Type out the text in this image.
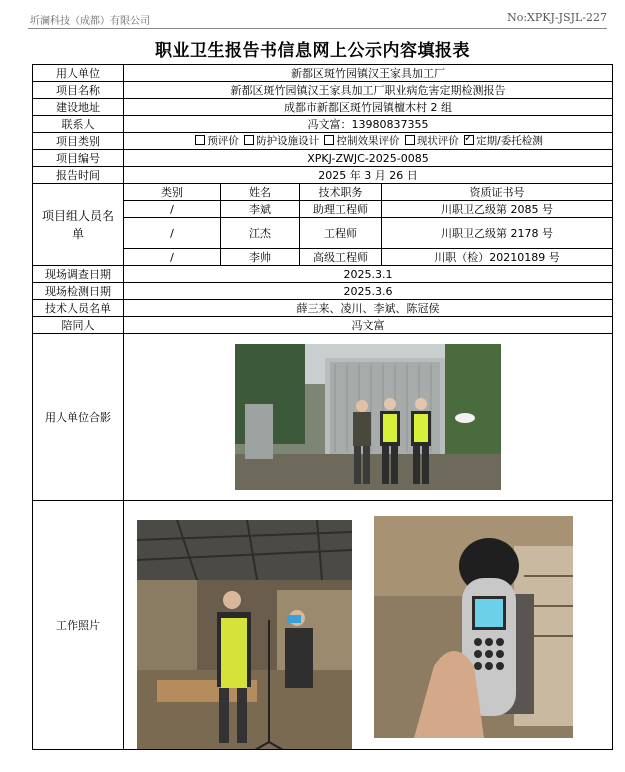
圻澜科技（成都）有限公司	No:XPKJ-JSJL-227
职业卫生报告书信息网上公示内容填报表
用人单位	新都区斑竹园镇汉王家具加工厂			
项目名称	新都区斑竹园镇汉王家具加工厂职业病危害定期检测报告			
建设地址	成都市新都区斑竹园镇檀木村 2 组			
联系人	冯文富：13980837355			
项目类别	预评价 防护设施设计 控制效果评价 现状评价 ✓ 定期/委托检测
项目编号	XPKJ-ZWJC-2025-0085			
报告时间	2025 年 3 月 26 日			
项目组人员名单	类别	姓名	技术职务	资质证书号
	/	李斌	助理工程师	川职卫乙级第 2085 号
	/	江杰	工程师	川职卫乙级第 2178 号
	/	李帅	高级工程师	川职（检）20210189 号
现场调查日期	2025.3.1			
现场检测日期	2025.3.6			
技术人员名单	薛三来、凌川、李斌、陈冠侯			
陪同人	冯文富			
用人单位合影	

工作照片	
